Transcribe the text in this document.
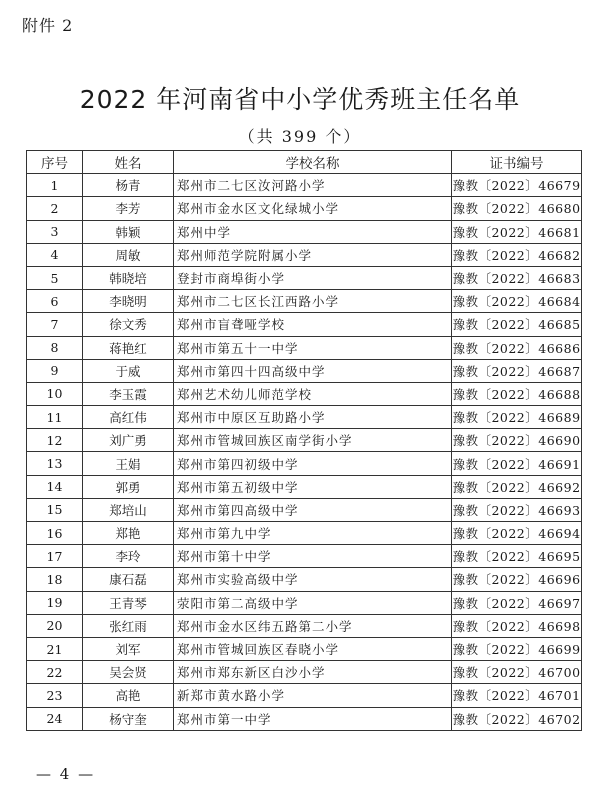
附件 2
2022 年河南省中小学优秀班主任名单
（共 399 个）
序号	姓名	学校名称	证书编号
1	杨青	郑州市二七区汝河路小学	豫教〔2022〕46679
2	李芳	郑州市金水区文化绿城小学	豫教〔2022〕46680
3	韩颖	郑州中学	豫教〔2022〕46681
4	周敏	郑州师范学院附属小学	豫教〔2022〕46682
5	韩晓培	登封市商埠街小学	豫教〔2022〕46683
6	李晓明	郑州市二七区长江西路小学	豫教〔2022〕46684
7	徐文秀	郑州市盲聋哑学校	豫教〔2022〕46685
8	蒋艳红	郑州市第五十一中学	豫教〔2022〕46686
9	于威	郑州市第四十四高级中学	豫教〔2022〕46687
10	李玉霞	郑州艺术幼儿师范学校	豫教〔2022〕46688
11	高红伟	郑州市中原区互助路小学	豫教〔2022〕46689
12	刘广勇	郑州市管城回族区南学街小学	豫教〔2022〕46690
13	王娟	郑州市第四初级中学	豫教〔2022〕46691
14	郭勇	郑州市第五初级中学	豫教〔2022〕46692
15	郑培山	郑州市第四高级中学	豫教〔2022〕46693
16	郑艳	郑州市第九中学	豫教〔2022〕46694
17	李玲	郑州市第十中学	豫教〔2022〕46695
18	康石磊	郑州市实验高级中学	豫教〔2022〕46696
19	王青琴	荥阳市第二高级中学	豫教〔2022〕46697
20	张红雨	郑州市金水区纬五路第二小学	豫教〔2022〕46698
21	刘军	郑州市管城回族区春晓小学	豫教〔2022〕46699
22	吴会贤	郑州市郑东新区白沙小学	豫教〔2022〕46700
23	高艳	新郑市黄水路小学	豫教〔2022〕46701
24	杨守奎	郑州市第一中学	豫教〔2022〕46702
— 4 —
